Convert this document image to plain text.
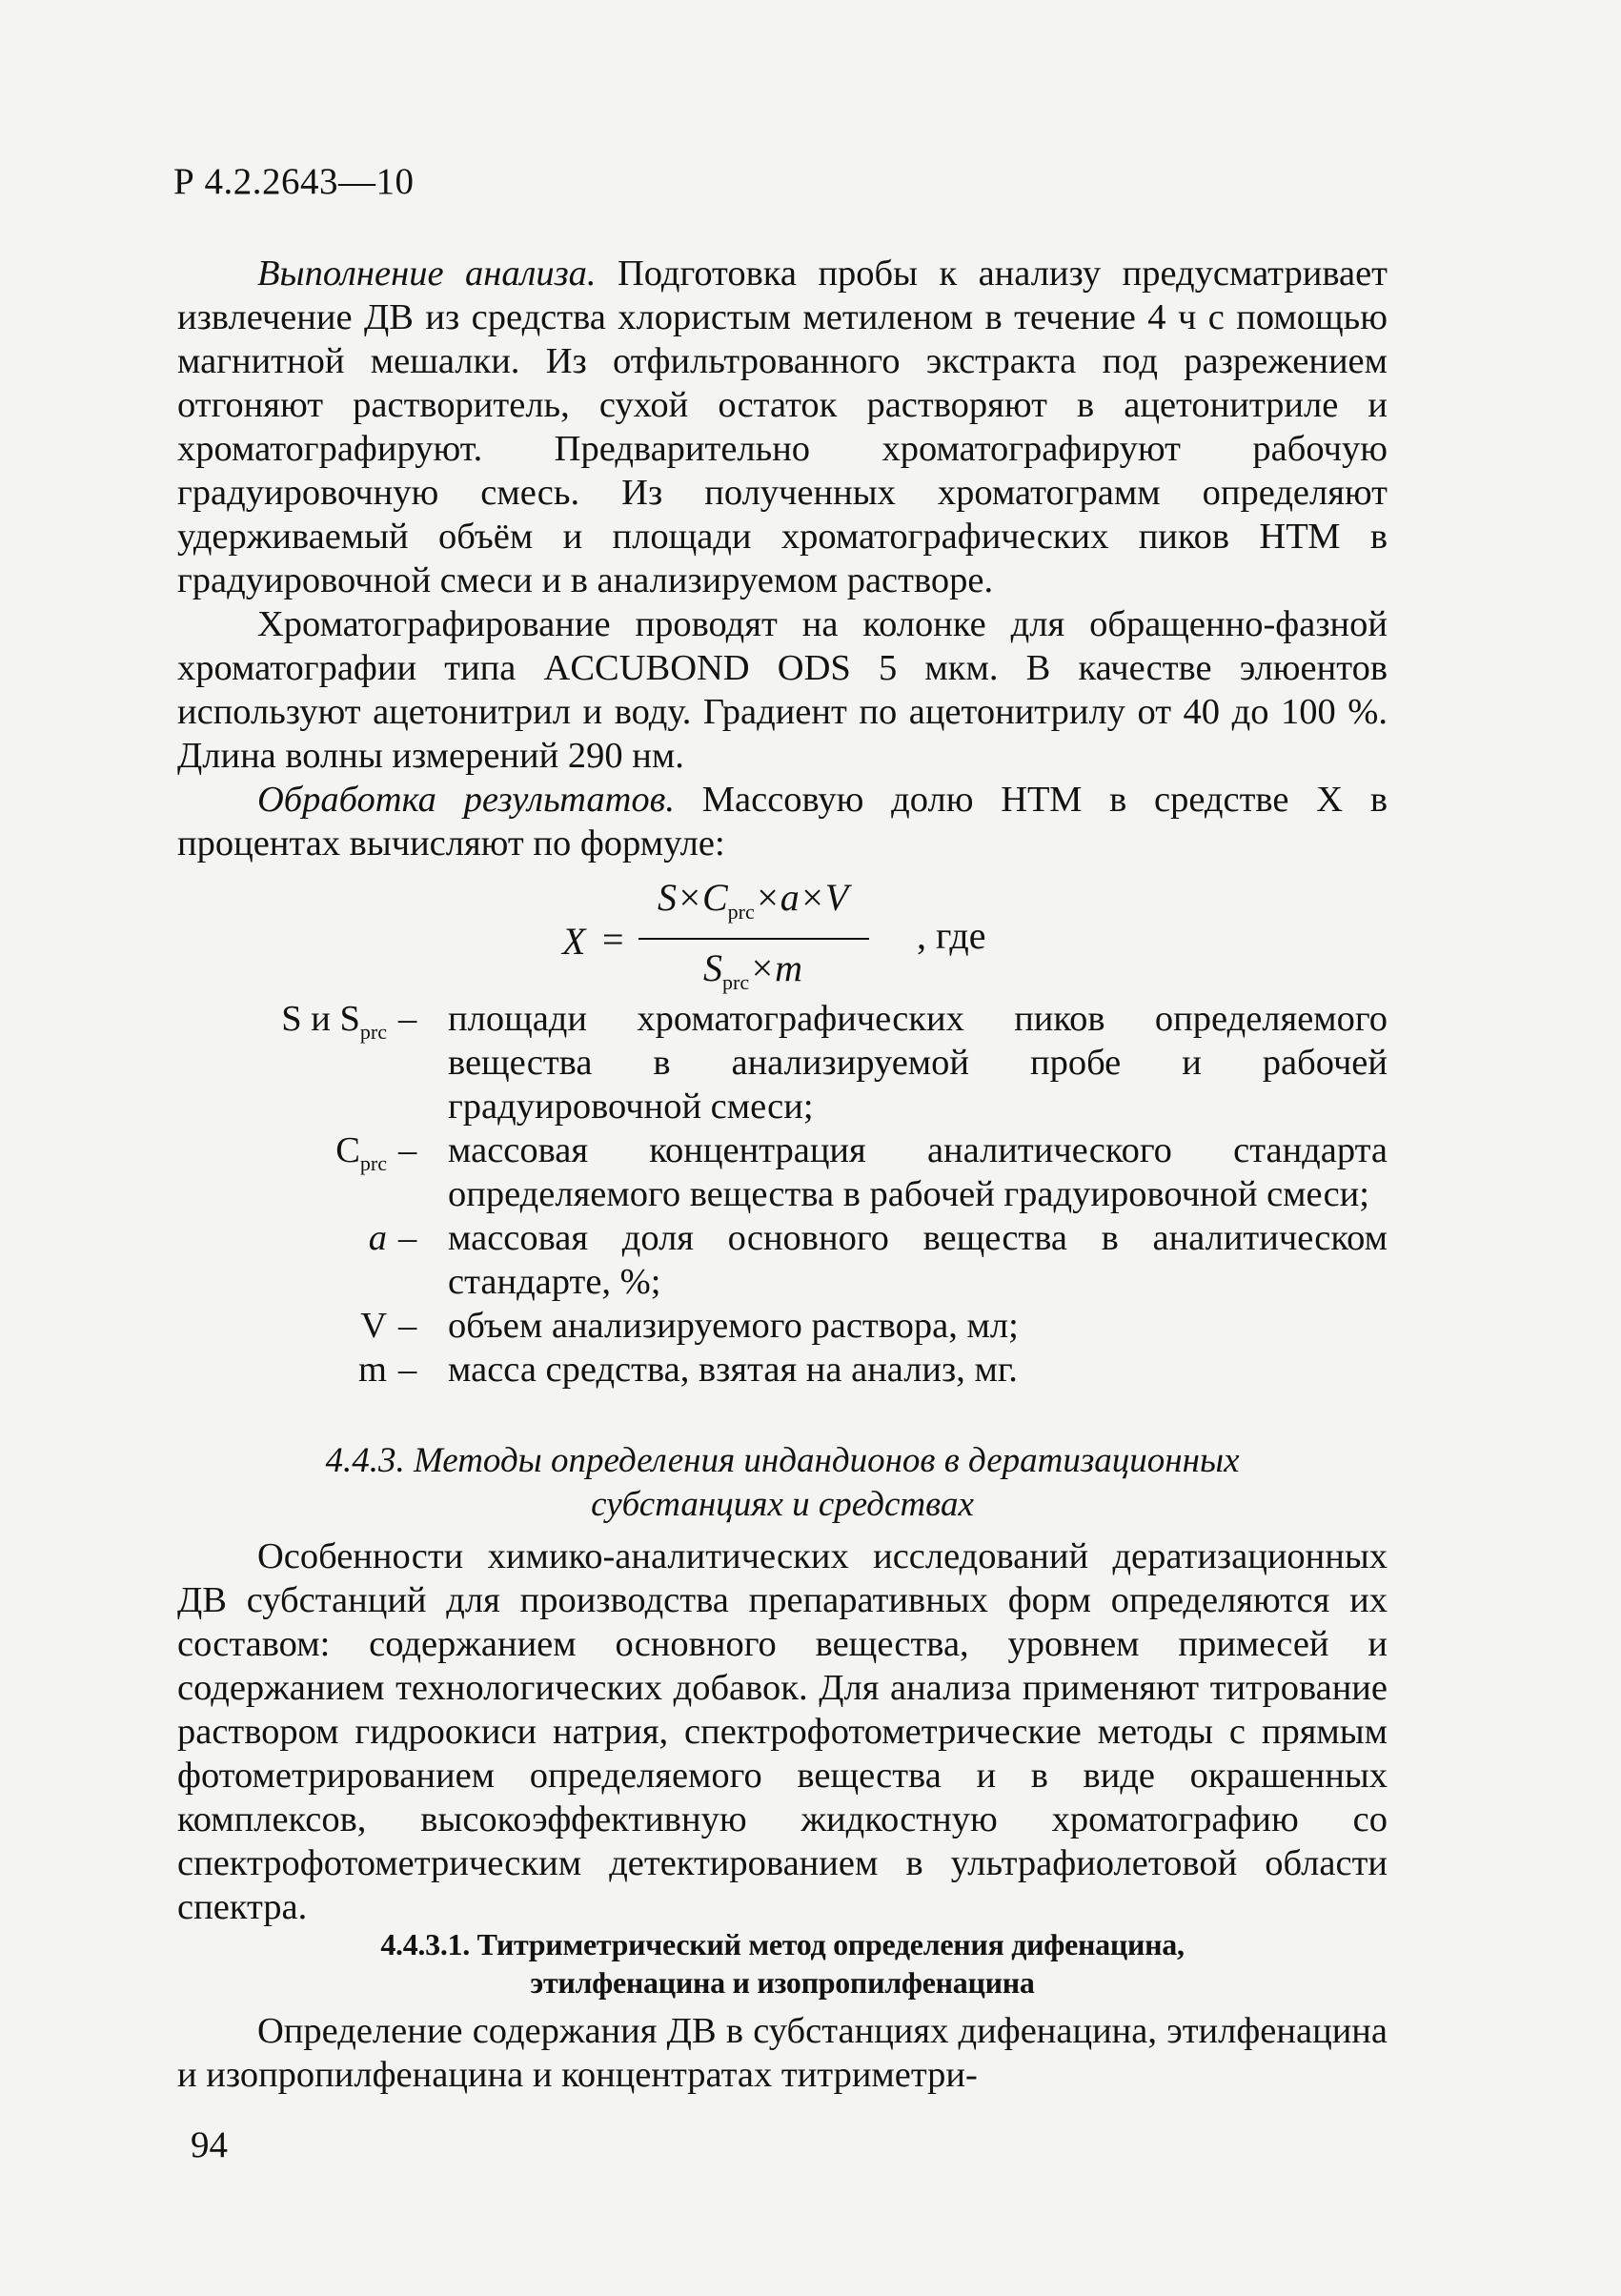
Р 4.2.2643—10

Выполнение анализа. Подготовка пробы к анализу предусматривает извлечение ДВ из средства хлористым метиленом в течение 4 ч с помощью магнитной мешалки. Из отфильтрованного экстракта под разрежением отгоняют растворитель, сухой остаток растворяют в ацетонитриле и хроматографируют. Предварительно хроматографируют рабочую градуировочную смесь. Из полученных хроматограмм определяют удерживаемый объём и площади хроматографических пиков НТМ в градуировочной смеси и в анализируемом растворе.

Хроматографирование проводят на колонке для обращенно-фазной хроматографии типа ACCUBOND ODS 5 мкм. В качестве элюентов используют ацетонитрил и воду. Градиент по ацетонитрилу от 40 до 100 %. Длина волны измерений 290 нм.

Обработка результатов. Массовую долю НТМ в средстве Х в процентах вычисляют по формуле:

X =
$S\times C_{prc}\times a\times V$
$S_{prc}\times m$
, где
S и $S_{prc}$ – площади хроматографических пиков определяемого вещества в анализируемой пробе и рабочей градуировочной смеси;
$C_{prc}$ – массовая концентрация аналитического стандарта определяемого вещества в рабочей градуировочной смеси;
a – массовая доля основного вещества в аналитическом стандарте, %;
V – объем анализируемого раствора, мл;
m – масса средства, взятая на анализ, мг.

4.4.3. Методы определения индандионов в дератизационных

субстанциях и средствах

Особенности химико-аналитических исследований дератизационных ДВ субстанций для производства препаративных форм определяются их составом: содержанием основного вещества, уровнем примесей и содержанием технологических добавок. Для анализа применяют титрование раствором гидроокиси натрия, спектрофотометрические методы с прямым фотометрированием определяемого вещества и в виде окрашенных комплексов, высокоэффективную жидкостную хроматографию со спектрофотометрическим детектированием в ультрафиолетовой области спектра.

4.4.3.1. Титриметрический метод определения дифенацина,

этилфенацина и изопропилфенацина

Определение содержания ДВ в субстанциях дифенацина, этилфенацина и изопропилфенацина и концентратах титриметри-

94
